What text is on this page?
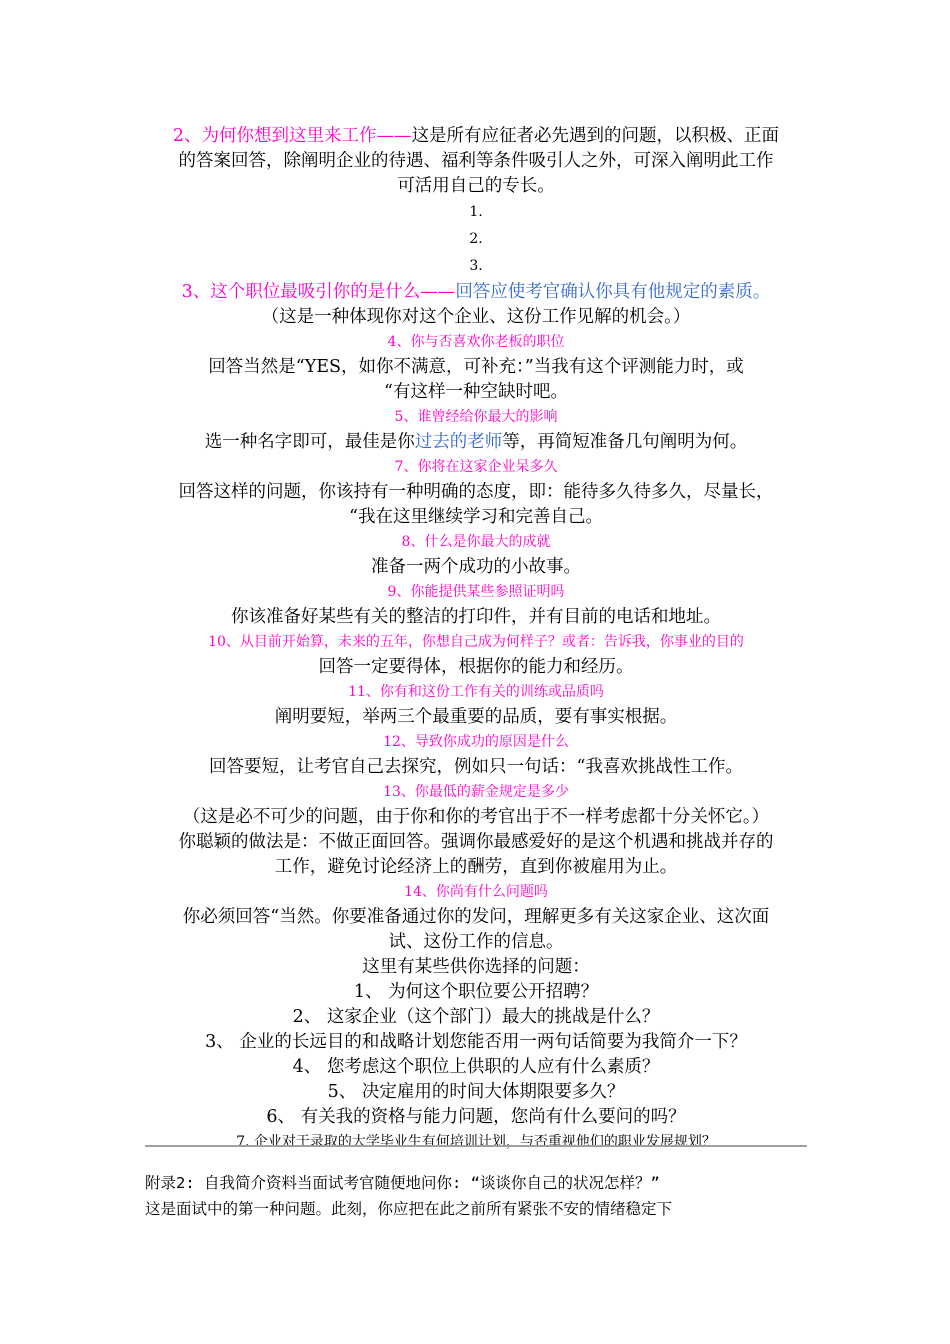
2、为何你想到这里来工作——这是所有应征者必先遇到的问题，以积极、正面
的答案回答，除阐明企业的待遇、福利等条件吸引人之外，可深入阐明此工作
可活用自己的专长。
1.
2.
3.
3、这个职位最吸引你的是什么——回答应使考官确认你具有他规定的素质。
（这是一种体现你对这个企业、这份工作见解的机会。）
4、你与否喜欢你老板的职位
回答当然是“YES，如你不满意，可补充：”当我有这个评测能力时，或
“有这样一种空缺时吧。
5、谁曾经给你最大的影响
选一种名字即可，最佳是你过去的老师等，再简短准备几句阐明为何。
7、你将在这家企业呆多久
回答这样的问题，你该持有一种明确的态度，即：能待多久待多久，尽量长，
“我在这里继续学习和完善自己。
8、什么是你最大的成就
准备一两个成功的小故事。
9、你能提供某些参照证明吗
你该准备好某些有关的整洁的打印件，并有目前的电话和地址。
10、从目前开始算，未来的五年，你想自己成为何样子？或者：告诉我，你事业的目的
回答一定要得体，根据你的能力和经历。
11、你有和这份工作有关的训练或品质吗
阐明要短，举两三个最重要的品质，要有事实根据。
12、导致你成功的原因是什么
回答要短，让考官自己去探究，例如只一句话：“我喜欢挑战性工作。
13、你最低的薪金规定是多少
（这是必不可少的问题，由于你和你的考官出于不一样考虑都十分关怀它。）
你聪颖的做法是：不做正面回答。强调你最感爱好的是这个机遇和挑战并存的
工作，避免讨论经济上的酬劳，直到你被雇用为止。
14、你尚有什么问题吗
你必须回答“当然。你要准备通过你的发问，理解更多有关这家企业、这次面
试、这份工作的信息。
这里有某些供你选择的问题：
1、 为何这个职位要公开招聘？
2、 这家企业（这个部门）最大的挑战是什么？
3、 企业的长远目的和战略计划您能否用一两句话简要为我简介一下？
4、 您考虑这个职位上供职的人应有什么素质？
5、 决定雇用的时间大体期限要多久？
6、 有关我的资格与能力问题，您尚有什么要问的吗？
7. 企业对于录取的大学毕业生有何培训计划，与否重视他们的职业发展规划？
附录2: 自我简介资料当面试考官随便地问你: “谈谈你自己的状况怎样？”
这是面试中的第一种问题。此刻，你应把在此之前所有紧张不安的情绪稳定下
